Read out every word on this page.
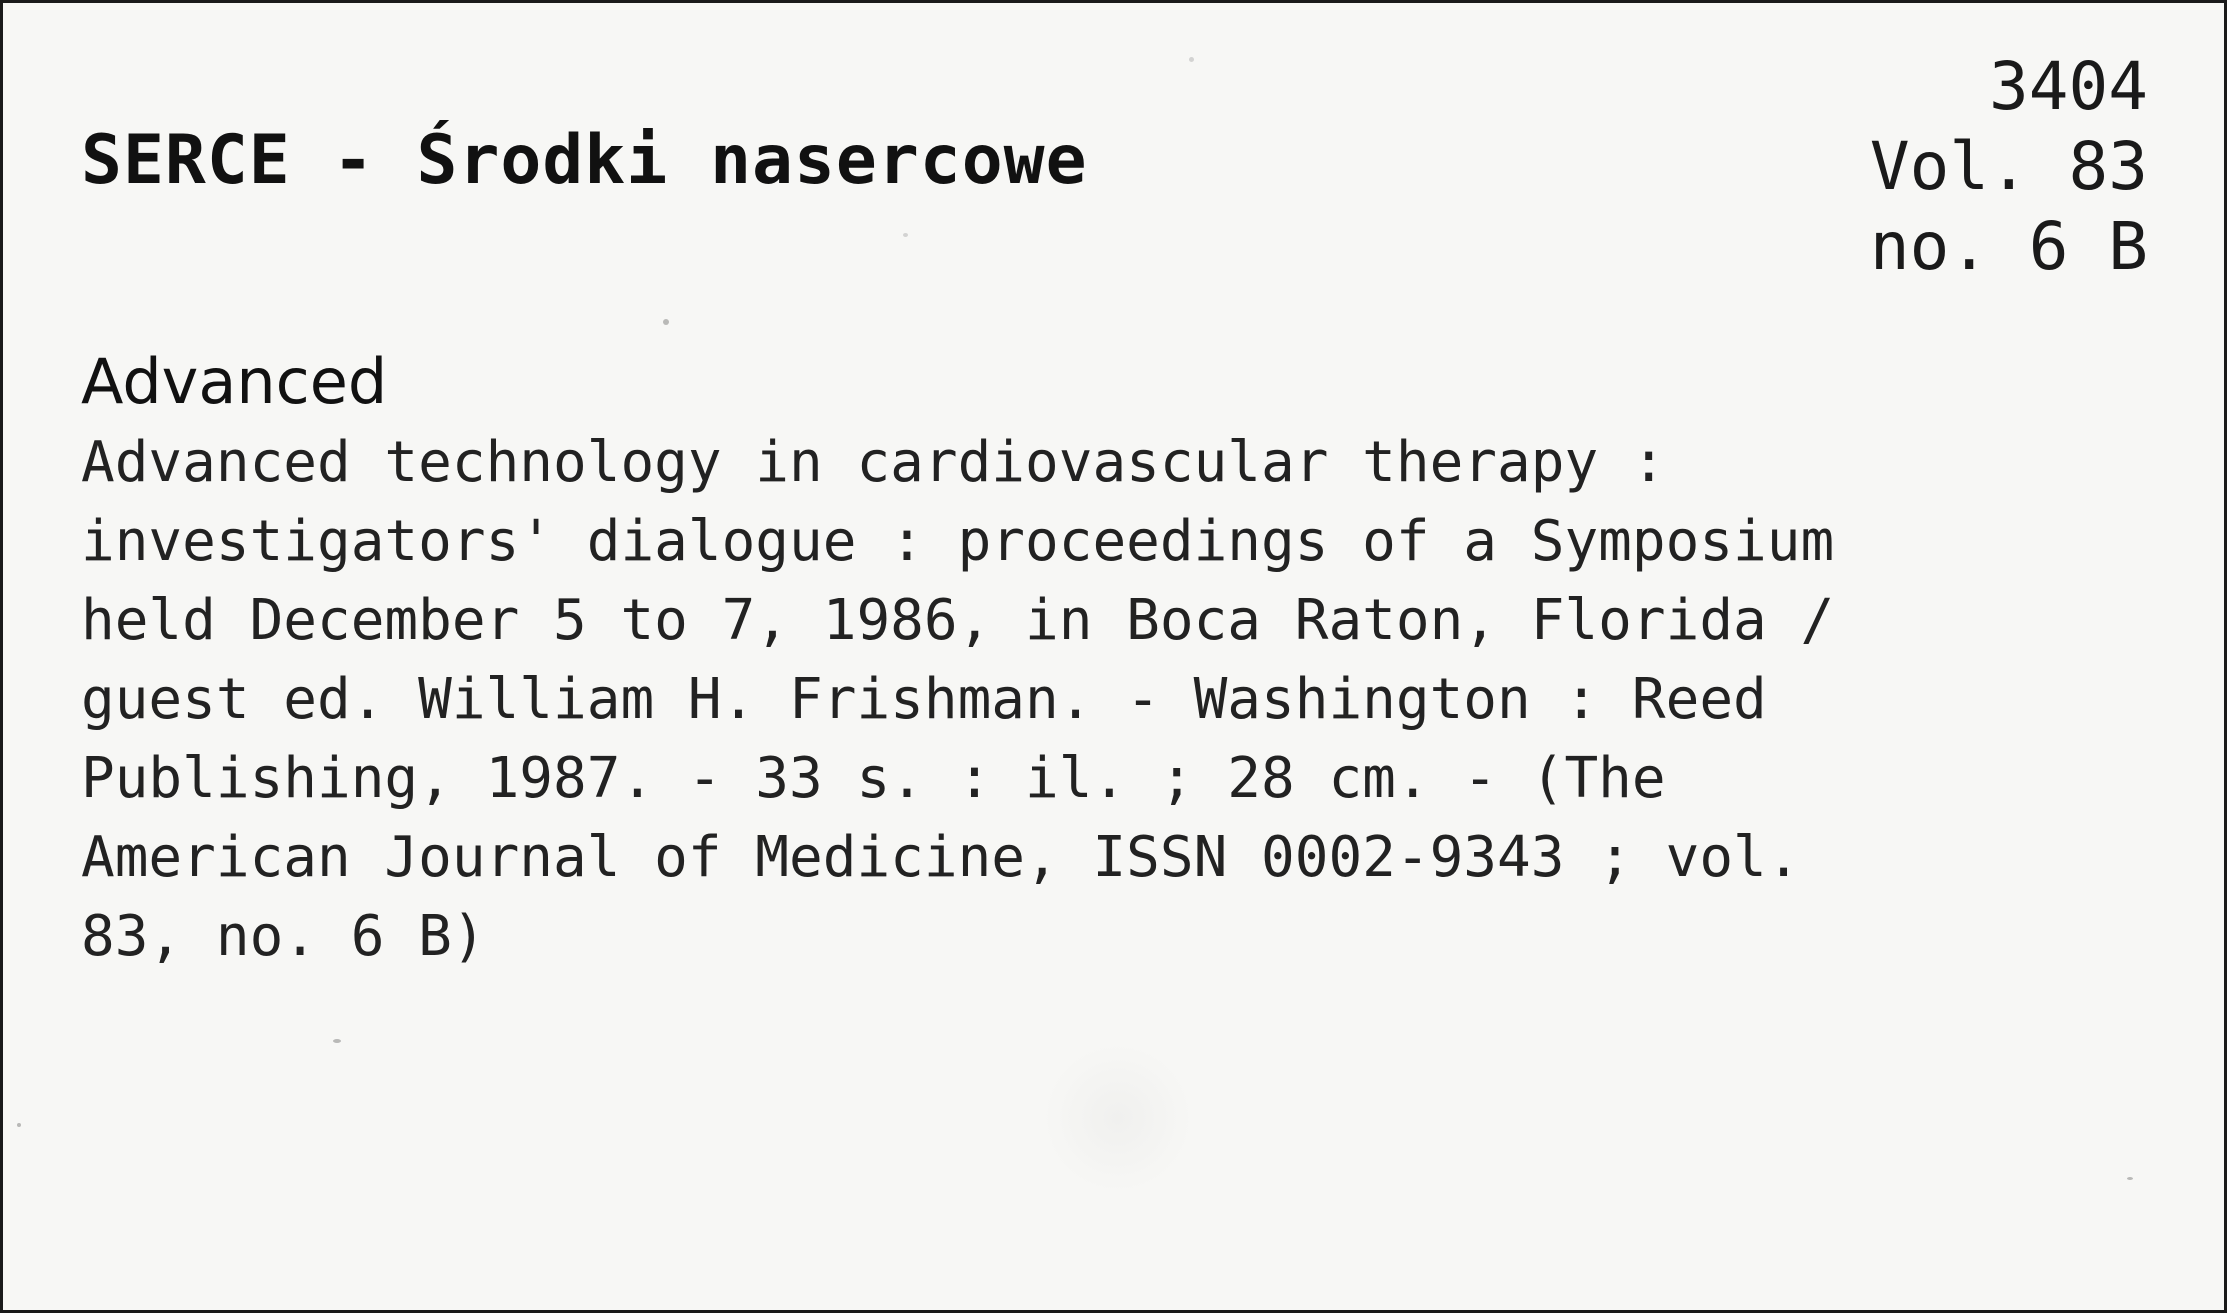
SERCE - Środki nasercowe
3404
Vol. 83
no. 6 B
Advanced
Advanced technology in cardiovascular therapy :
investigators' dialogue : proceedings of a Symposium
held December 5 to 7, 1986, in Boca Raton, Florida /
guest ed. William H. Frishman. - Washington : Reed
Publishing, 1987. - 33 s. : il. ; 28 cm. - (The
American Journal of Medicine, ISSN 0002-9343 ; vol.
83, no. 6 B)
